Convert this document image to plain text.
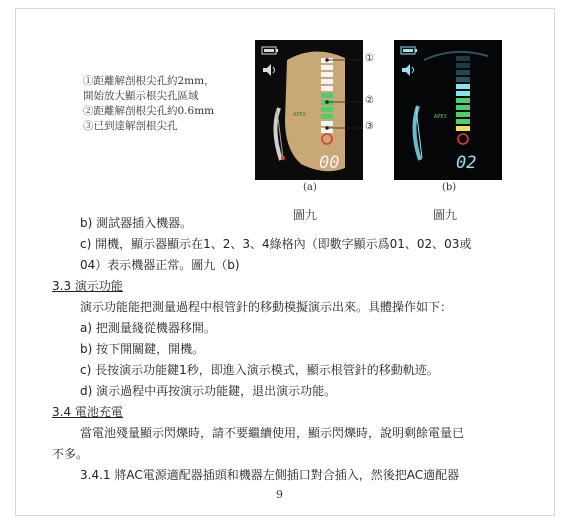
①距離解剖根尖孔約2mm，
開始放大顯示根尖孔區域
②距離解剖根尖孔約0.6mm
③已到達解剖根尖孔
APEX
00
①
②
③
(a)
APEX
02
(b)
圖九	圖九
b) 測試器插入機器。
c) 開機，顯示器顯示在1、2、3、4綠格內（即數字顯示爲01、02、03或
04）表示機器正常。圖九（b)
3.3 演示功能
演示功能能把測量過程中根管針的移動模擬演示出來。具體操作如下：
a) 把測量綫從機器移開。
b) 按下開關鍵，開機。
c) 長按演示功能鍵1秒，即進入演示模式，顯示根管針的移動軌迹。
d) 演示過程中再按演示功能鍵，退出演示功能。
3.4 電池充電
當電池殘量顯示閃爍時，請不要繼續使用，顯示閃爍時，說明剩餘電量已
不多。
3.4.1 將AC電源適配器插頭和機器左側插口對合插入，然後把AC適配器
9
